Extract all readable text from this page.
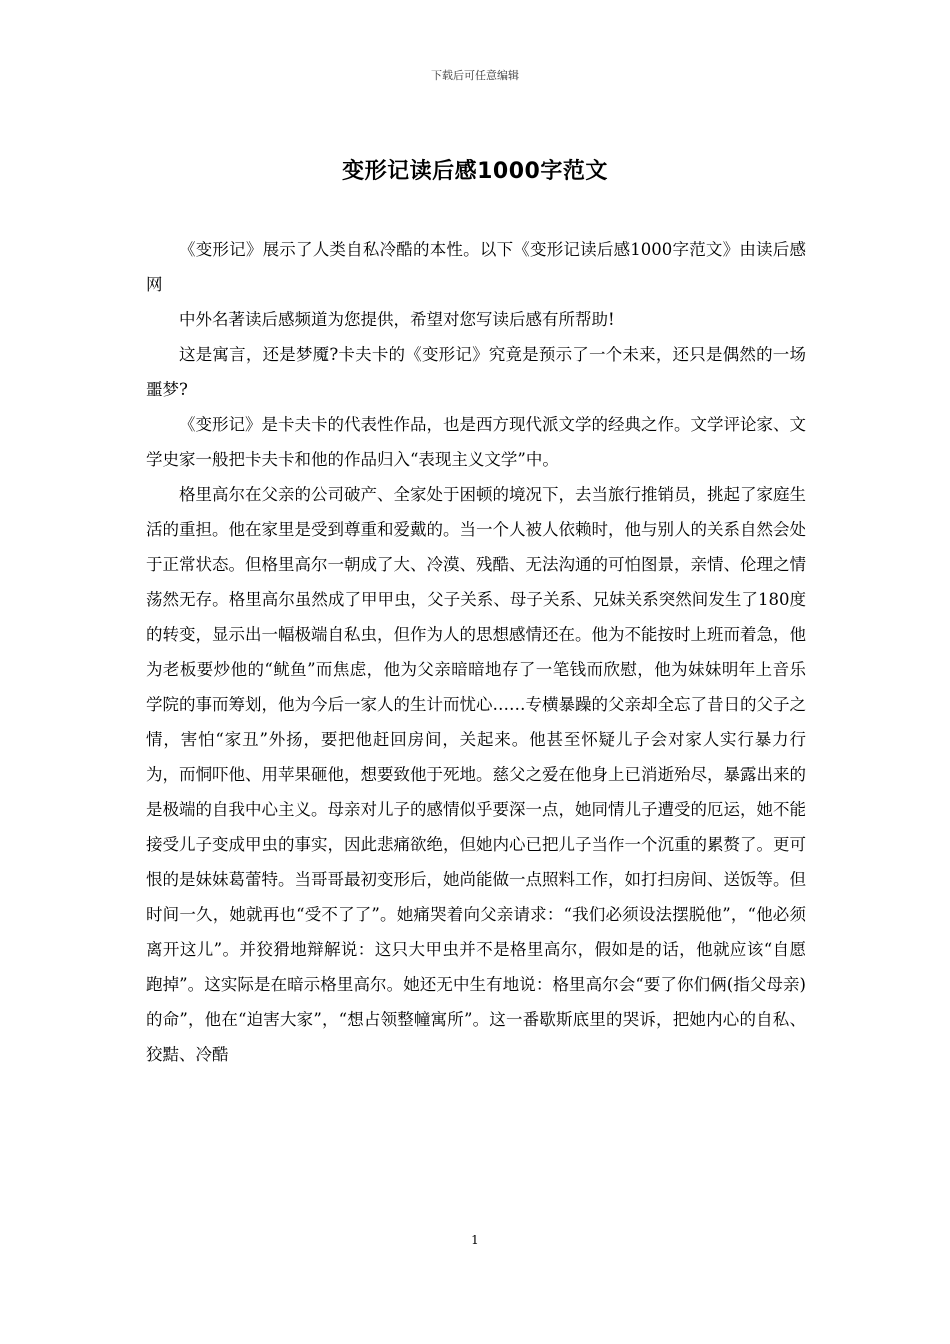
下载后可任意编辑
变形记读后感1000字范文

《变形记》展示了人类自私冷酷的本性。以下《变形记读后感1000字范文》由读后感网

中外名著读后感频道为您提供，希望对您写读后感有所帮助!

这是寓言，还是梦魇?卡夫卡的《变形记》究竟是预示了一个未来，还只是偶然的一场噩梦?

《变形记》是卡夫卡的代表性作品，也是西方现代派文学的经典之作。文学评论家、文学史家一般把卡夫卡和他的作品归入“表现主义文学”中。

格里高尔在父亲的公司破产、全家处于困顿的境况下，去当旅行推销员，挑起了家庭生活的重担。他在家里是受到尊重和爱戴的。当一个人被人依赖时，他与别人的关系自然会处于正常状态。但格里高尔一朝成了大、冷漠、残酷、无法沟通的可怕图景，亲情、伦理之情荡然无存。格里高尔虽然成了甲甲虫，父子关系、母子关系、兄妹关系突然间发生了180度的转变，显示出一幅极端自私虫，但作为人的思想感情还在。他为不能按时上班而着急，他为老板要炒他的“鱿鱼”而焦虑，他为父亲暗暗地存了一笔钱而欣慰，他为妹妹明年上音乐学院的事而筹划，他为今后一家人的生计而忧心……专横暴躁的父亲却全忘了昔日的父子之情，害怕“家丑”外扬，要把他赶回房间，关起来。他甚至怀疑儿子会对家人实行暴力行为，而恫吓他、用苹果砸他，想要致他于死地。慈父之爱在他身上已消逝殆尽，暴露出来的是极端的自我中心主义。母亲对儿子的感情似乎要深一点，她同情儿子遭受的厄运，她不能接受儿子变成甲虫的事实，因此悲痛欲绝，但她内心已把儿子当作一个沉重的累赘了。更可恨的是妹妹葛蕾特。当哥哥最初变形后，她尚能做一点照料工作，如打扫房间、送饭等。但时间一久，她就再也“受不了了”。她痛哭着向父亲请求：“我们必须设法摆脱他”，“他必须离开这儿”。并狡猾地辩解说：这只大甲虫并不是格里高尔，假如是的话，他就应该“自愿跑掉”。这实际是在暗示格里高尔。她还无中生有地说：格里高尔会“要了你们俩(指父母亲)的命”，他在“迫害大家”，“想占领整幢寓所”。这一番歇斯底里的哭诉，把她内心的自私、狡黠、冷酷

1
